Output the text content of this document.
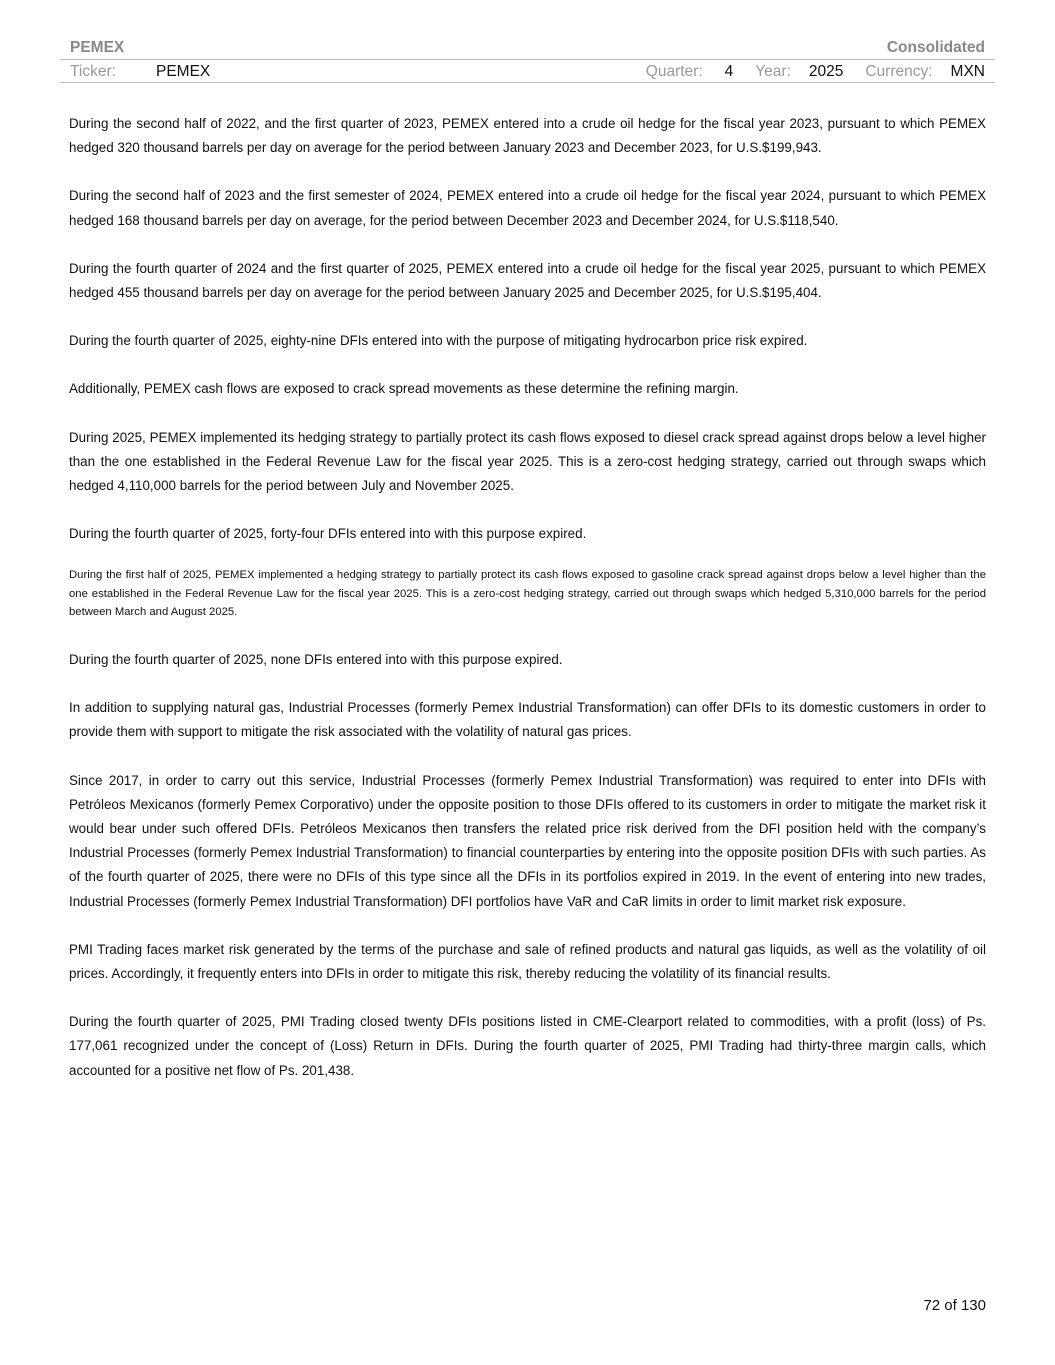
PEMEX	Consolidated
Ticker:	PEMEX	Quarter: 4 Year: 2025 Currency: MXN

During the second half of 2022, and the first quarter of 2023, PEMEX entered into a crude oil hedge for the fiscal year 2023, pursuant to which PEMEX hedged 320 thousand barrels per day on average for the period between January 2023 and December 2023, for U.S.$199,943.

During the second half of 2023 and the first semester of 2024, PEMEX entered into a crude oil hedge for the fiscal year 2024, pursuant to which PEMEX hedged 168 thousand barrels per day on average, for the period between December 2023 and December 2024, for U.S.$118,540.

During the fourth quarter of 2024 and the first quarter of 2025, PEMEX entered into a crude oil hedge for the fiscal year 2025, pursuant to which PEMEX hedged 455 thousand barrels per day on average for the period between January 2025 and December 2025, for U.S.$195,404.

During the fourth quarter of 2025, eighty-nine DFIs entered into with the purpose of mitigating hydrocarbon price risk expired.

Additionally, PEMEX cash flows are exposed to crack spread movements as these determine the refining margin.

During 2025, PEMEX implemented its hedging strategy to partially protect its cash flows exposed to diesel crack spread against drops below a level higher than the one established in the Federal Revenue Law for the fiscal year 2025. This is a zero-cost hedging strategy, carried out through swaps which hedged 4,110,000 barrels for the period between July and November 2025.

During the fourth quarter of 2025, forty-four DFIs entered into with this purpose expired.

During the first half of 2025, PEMEX implemented a hedging strategy to partially protect its cash flows exposed to gasoline crack spread against drops below a level higher than the one established in the Federal Revenue Law for the fiscal year 2025. This is a zero-cost hedging strategy, carried out through swaps which hedged 5,310,000 barrels for the period between March and August 2025.

During the fourth quarter of 2025, none DFIs entered into with this purpose expired.

In addition to supplying natural gas, Industrial Processes (formerly Pemex Industrial Transformation) can offer DFIs to its domestic customers in order to provide them with support to mitigate the risk associated with the volatility of natural gas prices.

Since 2017, in order to carry out this service, Industrial Processes (formerly Pemex Industrial Transformation) was required to enter into DFIs with Petróleos Mexicanos (formerly Pemex Corporativo) under the opposite position to those DFIs offered to its customers in order to mitigate the market risk it would bear under such offered DFIs. Petróleos Mexicanos then transfers the related price risk derived from the DFI position held with the company’s Industrial Processes (formerly Pemex Industrial Transformation) to financial counterparties by entering into the opposite position DFIs with such parties. As of the fourth quarter of 2025, there were no DFIs of this type since all the DFIs in its portfolios expired in 2019. In the event of entering into new trades, Industrial Processes (formerly Pemex Industrial Transformation) DFI portfolios have VaR and CaR limits in order to limit market risk exposure.

PMI Trading faces market risk generated by the terms of the purchase and sale of refined products and natural gas liquids, as well as the volatility of oil prices. Accordingly, it frequently enters into DFIs in order to mitigate this risk, thereby reducing the volatility of its financial results.

During the fourth quarter of 2025, PMI Trading closed twenty DFIs positions listed in CME-Clearport related to commodities, with a profit (loss) of Ps. 177,061 recognized under the concept of (Loss) Return in DFIs. During the fourth quarter of 2025, PMI Trading had thirty-three margin calls, which accounted for a positive net flow of Ps. 201,438.

72 of 130
